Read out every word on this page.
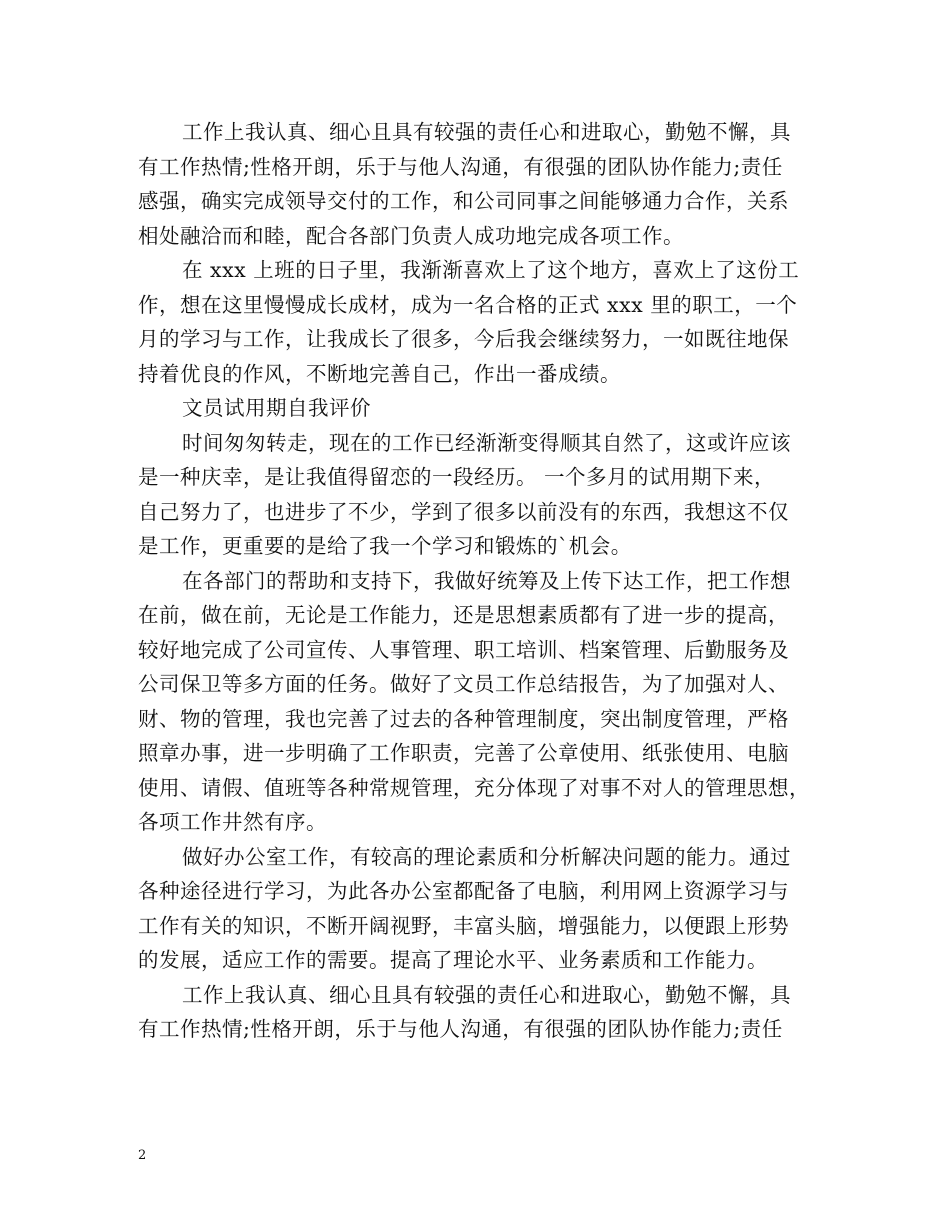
工作上我认真、细心且具有较强的责任心和进取心，勤勉不懈，具
有工作热情;性格开朗，乐于与他人沟通，有很强的团队协作能力;责任
感强，确实完成领导交付的工作，和公司同事之间能够通力合作，关系
相处融洽而和睦，配合各部门负责人成功地完成各项工作。
在 xxx 上班的日子里，我渐渐喜欢上了这个地方，喜欢上了这份工
作，想在这里慢慢成长成材，成为一名合格的正式 xxx 里的职工，一个
月的学习与工作，让我成长了很多，今后我会继续努力，一如既往地保
持着优良的作风，不断地完善自己，作出一番成绩。
文员试用期自我评价
时间匆匆转走，现在的工作已经渐渐变得顺其自然了，这或许应该
是一种庆幸，是让我值得留恋的一段经历。 一个多月的试用期下来，
自己努力了，也进步了不少，学到了很多以前没有的东西，我想这不仅
是工作，更重要的是给了我一个学习和锻炼的`机会。
在各部门的帮助和支持下，我做好统筹及上传下达工作，把工作想
在前，做在前，无论是工作能力，还是思想素质都有了进一步的提高，
较好地完成了公司宣传、人事管理、职工培训、档案管理、后勤服务及
公司保卫等多方面的任务。做好了文员工作总结报告，为了加强对人、
财、物的管理，我也完善了过去的各种管理制度，突出制度管理，严格
照章办事，进一步明确了工作职责，完善了公章使用、纸张使用、电脑
使用、请假、值班等各种常规管理，充分体现了对事不对人的管理思想，
各项工作井然有序。
做好办公室工作，有较高的理论素质和分析解决问题的能力。通过
各种途径进行学习，为此各办公室都配备了电脑，利用网上资源学习与
工作有关的知识，不断开阔视野，丰富头脑，增强能力，以便跟上形势
的发展，适应工作的需要。提高了理论水平、业务素质和工作能力。
工作上我认真、细心且具有较强的责任心和进取心，勤勉不懈，具
有工作热情;性格开朗，乐于与他人沟通，有很强的团队协作能力;责任
2
